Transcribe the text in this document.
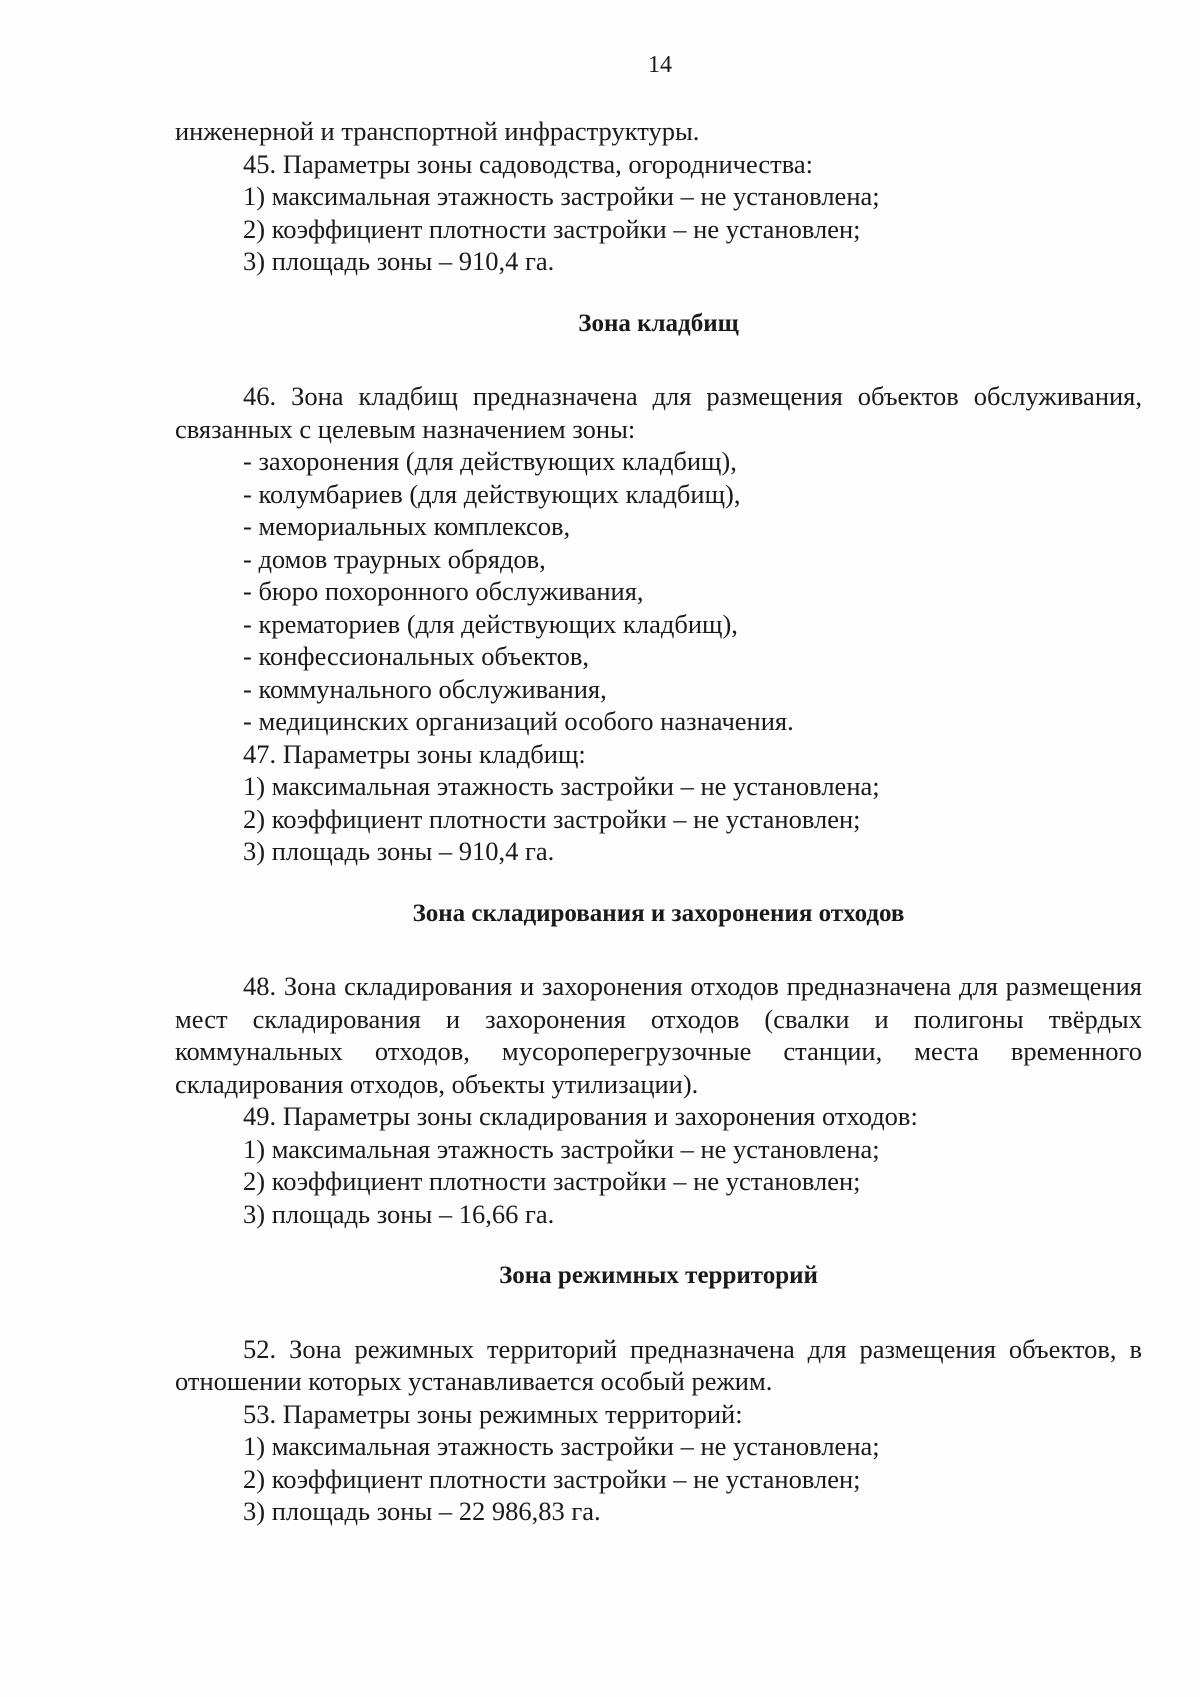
14

инженерной и транспортной инфраструктуры.

45. Параметры зоны садоводства, огородничества:

1) максимальная этажность застройки – не установлена;

2) коэффициент плотности застройки – не установлен;

3) площадь зоны – 910,4 га.

Зона кладбищ

46. Зона кладбищ предназначена для размещения объектов обслуживания, связанных с целевым назначением зоны:

- захоронения (для действующих кладбищ),

- колумбариев (для действующих кладбищ),

- мемориальных комплексов,

- домов траурных обрядов,

- бюро похоронного обслуживания,

- крематориев (для действующих кладбищ),

- конфессиональных объектов,

- коммунального обслуживания,

- медицинских организаций особого назначения.

47. Параметры зоны кладбищ:

1) максимальная этажность застройки – не установлена;

2) коэффициент плотности застройки – не установлен;

3) площадь зоны – 910,4 га.

Зона складирования и захоронения отходов

48. Зона складирования и захоронения отходов предназначена для размещения мест складирования и захоронения отходов (свалки и полигоны твёрдых коммунальных отходов, мусороперегрузочные станции, места временного складирования отходов, объекты утилизации).

49. Параметры зоны складирования и захоронения отходов:

1) максимальная этажность застройки – не установлена;

2) коэффициент плотности застройки – не установлен;

3) площадь зоны – 16,66 га.

Зона режимных территорий

52. Зона режимных территорий предназначена для размещения объектов, в отношении которых устанавливается особый режим.

53. Параметры зоны режимных территорий:

1) максимальная этажность застройки – не установлена;

2) коэффициент плотности застройки – не установлен;

3) площадь зоны – 22 986,83 га.
